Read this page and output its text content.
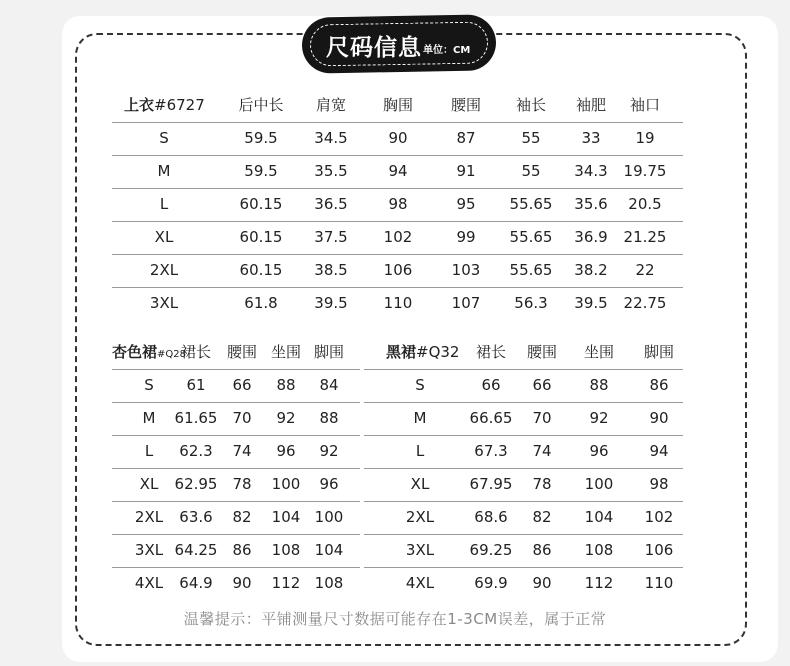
尺码信息 单位：CM
上衣#6727 后中长 肩宽 胸围	腰围 袖长 袖肥 袖口
S	59.5 34.5	90	87	55	33 19
M	59.5 35.5	94	91	55 34.3 19.75
L	60.15 36.5	98	95 55.65 35.6 20.5
XL	60.15 37.5 102	99 55.65 36.9 21.25
2XL	60.15 38.5 106	103 55.65 38.2 22
3XL	61.8 39.5 110	107 56.3 39.5 22.75
杏色裙#Q28
裙长 腰围 坐围 脚围
S 61 66 88 84
M 61.65 70 92 88
L 62.3 74 96 92
XL 62.95 78 100 96
2XL 63.6 82 104 100
3XL 64.25 86 108 104
4XL 64.9 90 112 108
黑裙#Q32 裙长 腰围 坐围 脚围
S	66 66	88	86
M	66.65 70	92	90
L	67.3 74	96	94
XL	67.95 78 100 98
2XL	68.6 82 104 102
3XL 69.25 86 108 106
4XL	69.9 90 112 110
温馨提示：平铺测量尺寸数据可能存在1-3CM误差，属于正常
